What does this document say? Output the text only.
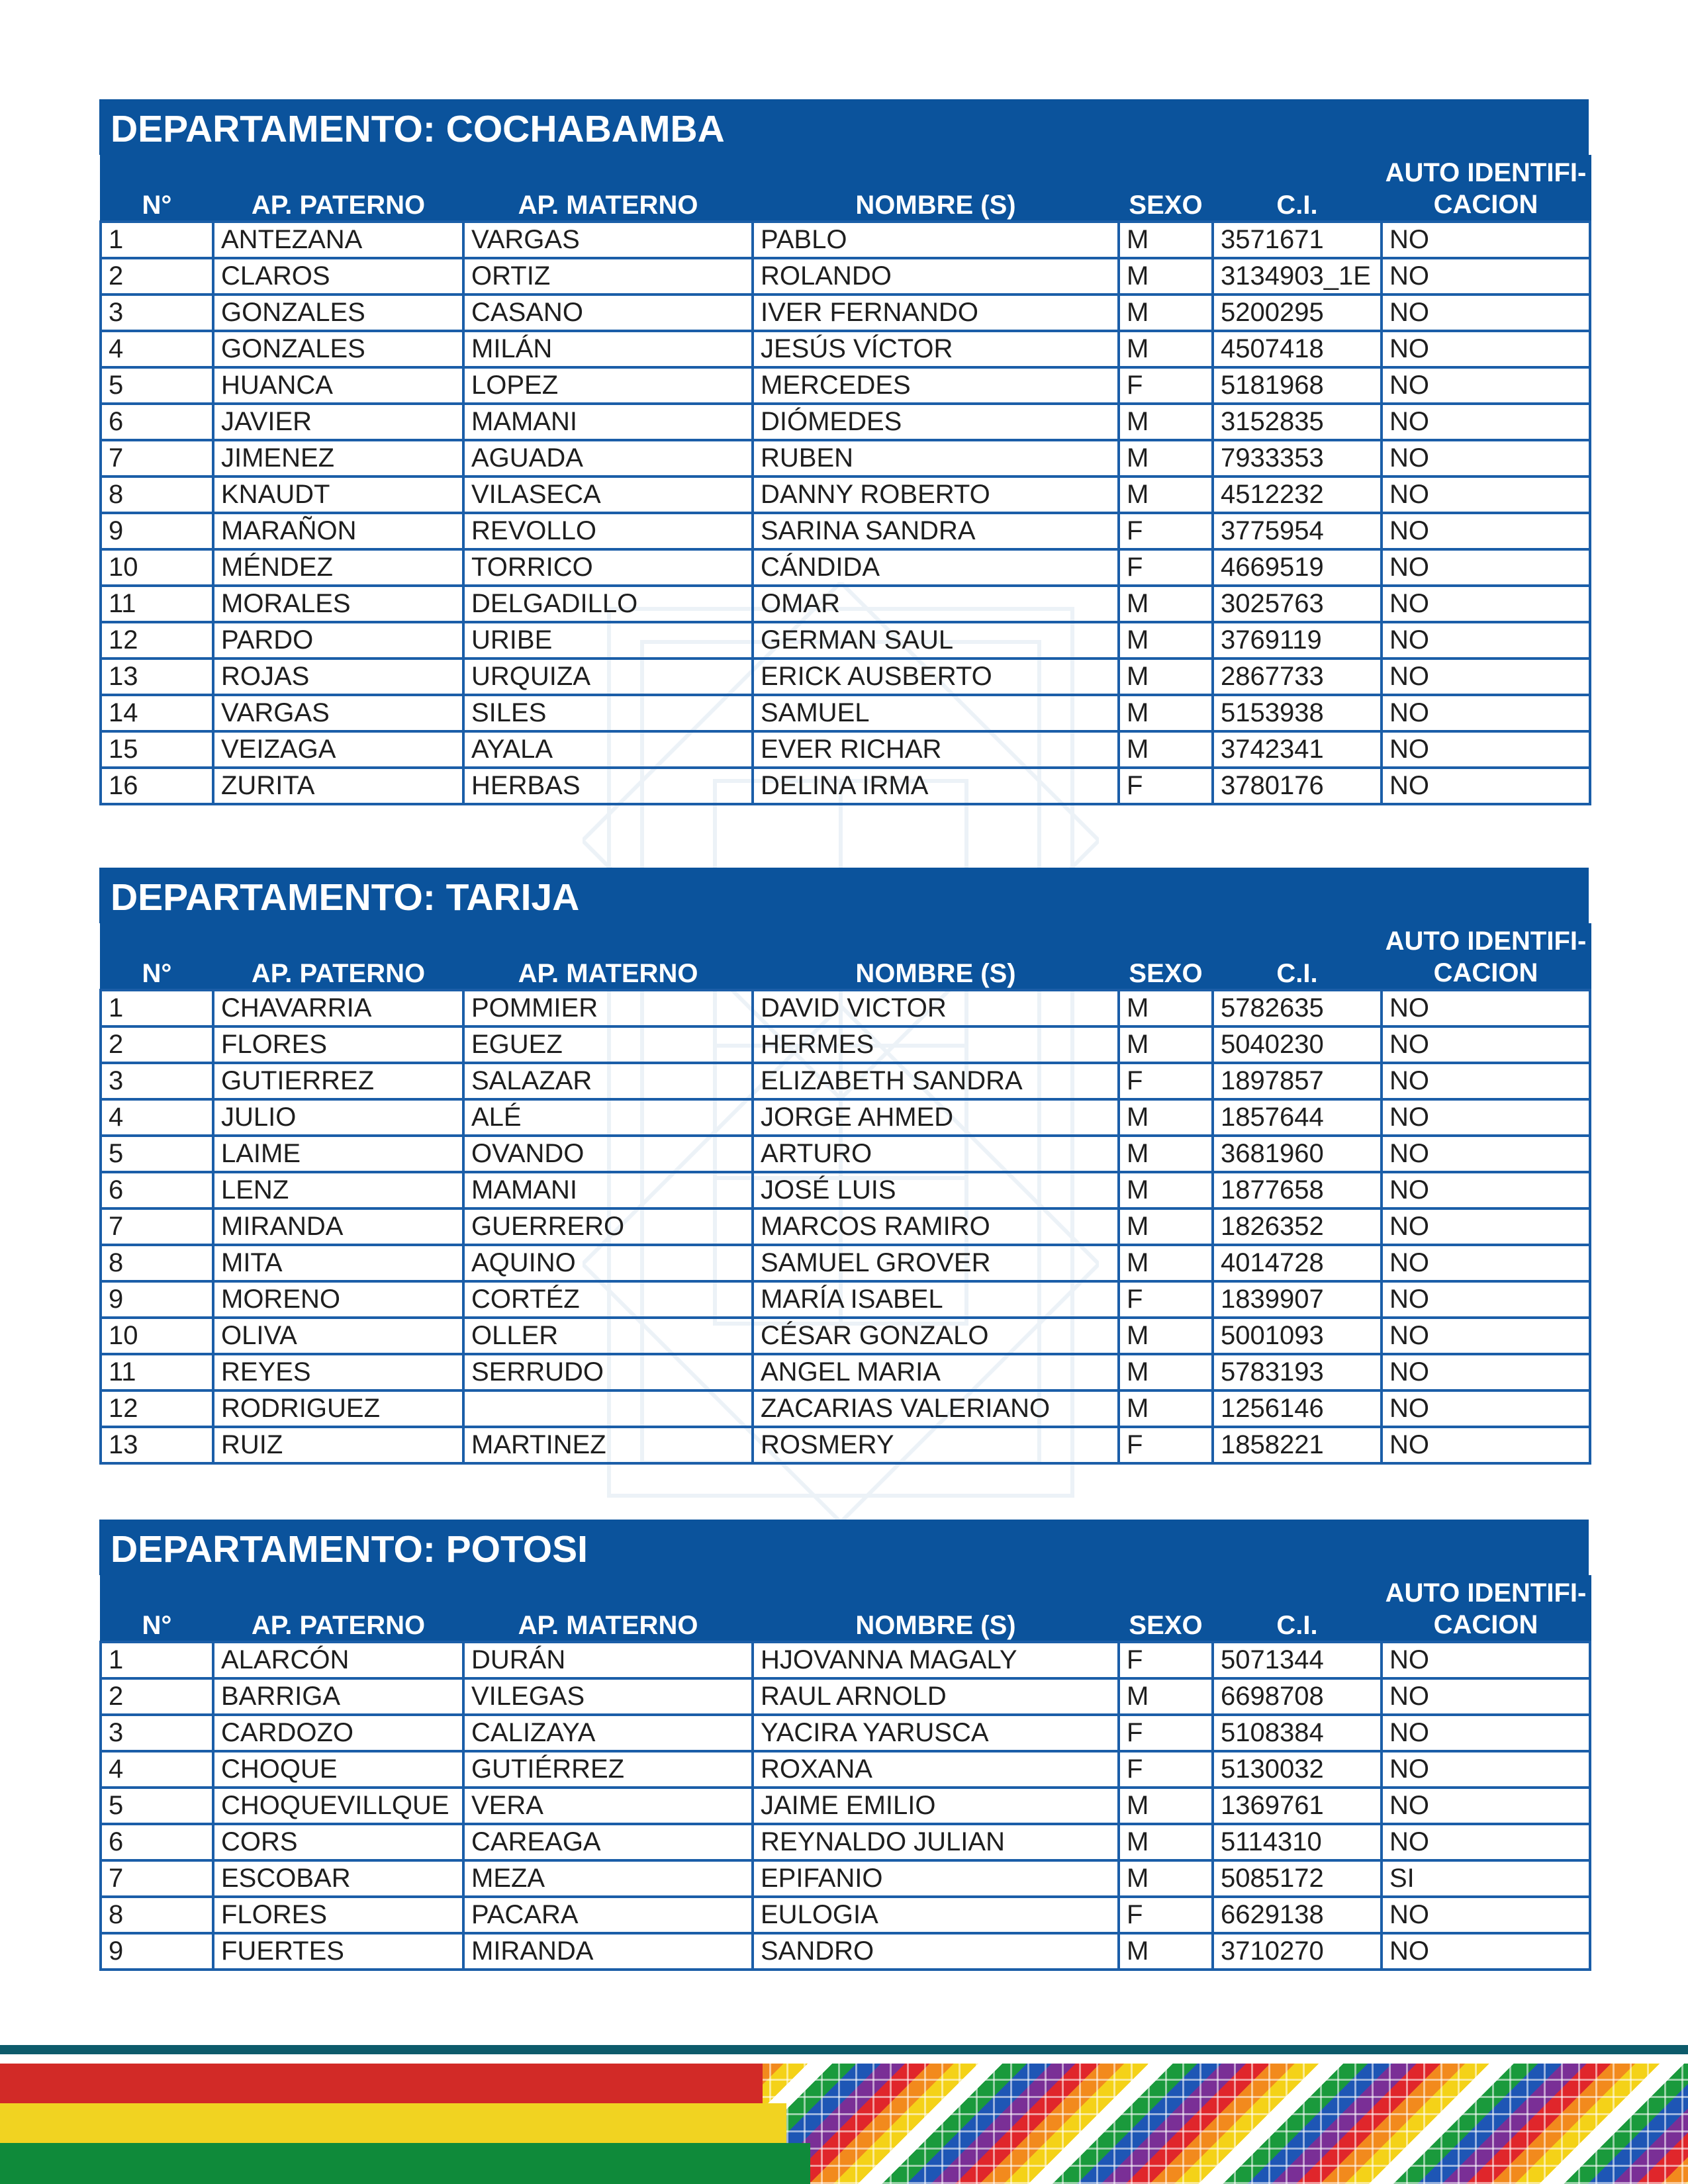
DEPARTAMENTO: COCHABAMBA
N°	AP. PATERNO	AP. MATERNO	NOMBRE (S)	SEXO	C.I.	AUTO IDENTIFI-
CACION
1	ANTEZANA	VARGAS	PABLO	M	3571671	NO
2	CLAROS	ORTIZ	ROLANDO	M	3134903_1E	NO
3	GONZALES	CASANO	IVER FERNANDO	M	5200295	NO
4	GONZALES	MILÁN	JESÚS VÍCTOR	M	4507418	NO
5	HUANCA	LOPEZ	MERCEDES	F	5181968	NO
6	JAVIER	MAMANI	DIÓMEDES	M	3152835	NO
7	JIMENEZ	AGUADA	RUBEN	M	7933353	NO
8	KNAUDT	VILASECA	DANNY ROBERTO	M	4512232	NO
9	MARAÑON	REVOLLO	SARINA SANDRA	F	3775954	NO
10	MÉNDEZ	TORRICO	CÁNDIDA	F	4669519	NO
11	MORALES	DELGADILLO	OMAR	M	3025763	NO
12	PARDO	URIBE	GERMAN SAUL	M	3769119	NO
13	ROJAS	URQUIZA	ERICK AUSBERTO	M	2867733	NO
14	VARGAS	SILES	SAMUEL	M	5153938	NO
15	VEIZAGA	AYALA	EVER RICHAR	M	3742341	NO
16	ZURITA	HERBAS	DELINA IRMA	F	3780176	NO
DEPARTAMENTO: TARIJA
N°	AP. PATERNO	AP. MATERNO	NOMBRE (S)	SEXO	C.I.	AUTO IDENTIFI-
CACION
1	CHAVARRIA	POMMIER	DAVID VICTOR	M	5782635	NO
2	FLORES	EGUEZ	HERMES	M	5040230	NO
3	GUTIERREZ	SALAZAR	ELIZABETH SANDRA	F	1897857	NO
4	JULIO	ALÉ	JORGE AHMED	M	1857644	NO
5	LAIME	OVANDO	ARTURO	M	3681960	NO
6	LENZ	MAMANI	JOSÉ LUIS	M	1877658	NO
7	MIRANDA	GUERRERO	MARCOS RAMIRO	M	1826352	NO
8	MITA	AQUINO	SAMUEL GROVER	M	4014728	NO
9	MORENO	CORTÉZ	MARÍA ISABEL	F	1839907	NO
10	OLIVA	OLLER	CÉSAR GONZALO	M	5001093	NO
11	REYES	SERRUDO	ANGEL MARIA	M	5783193	NO
12	RODRIGUEZ		ZACARIAS VALERIANO	M	1256146	NO
13	RUIZ	MARTINEZ	ROSMERY	F	1858221	NO
DEPARTAMENTO: POTOSI
N°	AP. PATERNO	AP. MATERNO	NOMBRE (S)	SEXO	C.I.	AUTO IDENTIFI-
CACION
1	ALARCÓN	DURÁN	HJOVANNA MAGALY	F	5071344	NO
2	BARRIGA	VILEGAS	RAUL ARNOLD	M	6698708	NO
3	CARDOZO	CALIZAYA	YACIRA YARUSCA	F	5108384	NO
4	CHOQUE	GUTIÉRREZ	ROXANA	F	5130032	NO
5	CHOQUEVILLQUE	VERA	JAIME EMILIO	M	1369761	NO
6	CORS	CAREAGA	REYNALDO JULIAN	M	5114310	NO
7	ESCOBAR	MEZA	EPIFANIO	M	5085172	SI
8	FLORES	PACARA	EULOGIA	F	6629138	NO
9	FUERTES	MIRANDA	SANDRO	M	3710270	NO
